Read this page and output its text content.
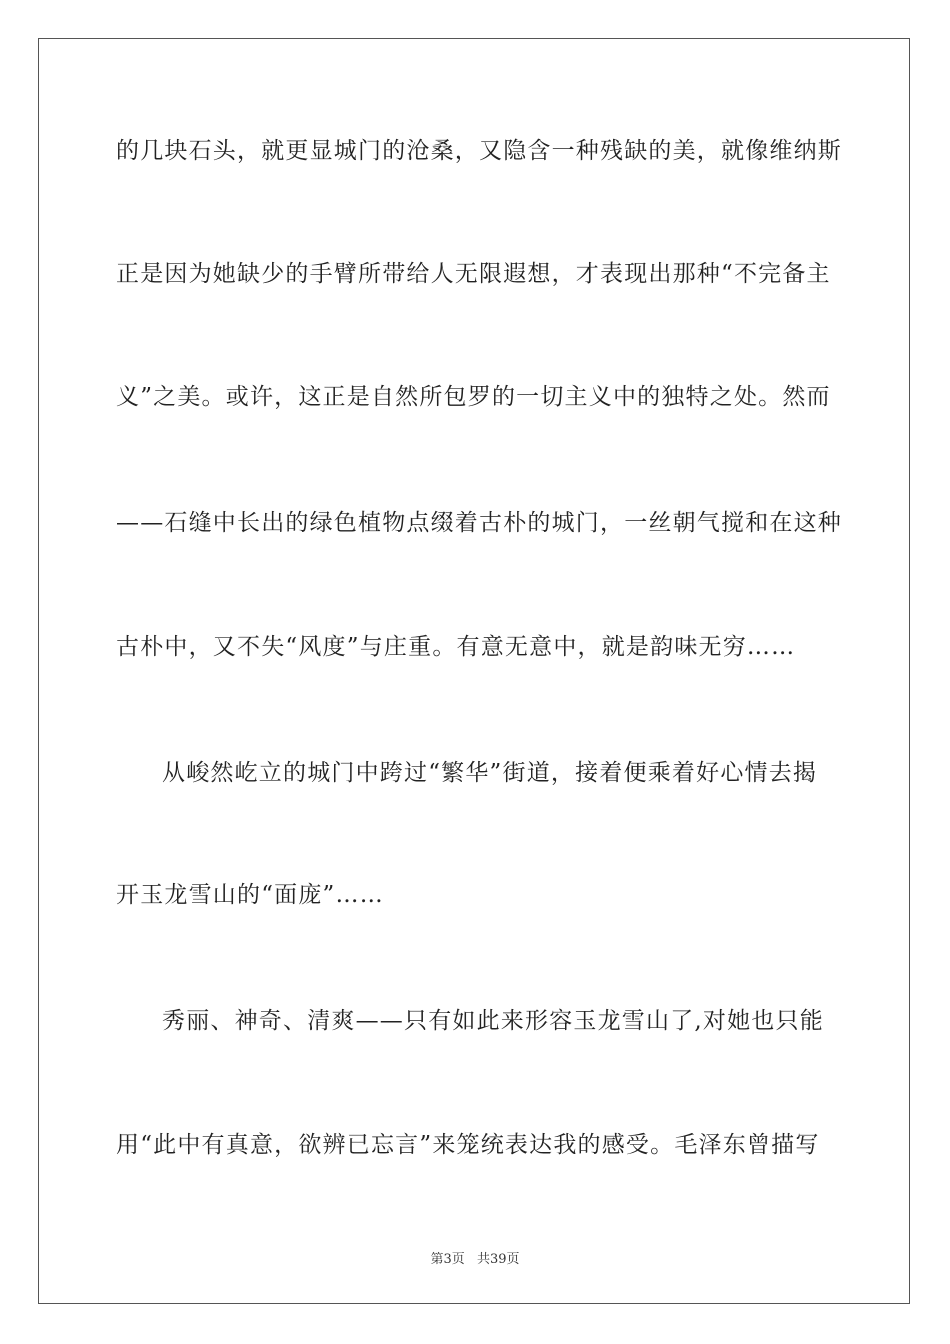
的几块石头，就更显城门的沧桑，又隐含一种残缺的美，就像维纳斯
正是因为她缺少的手臂所带给人无限遐想，才表现出那种“不完备主
义”之美。或许，这正是自然所包罗的一切主义中的独特之处。然而
——石缝中长出的绿色植物点缀着古朴的城门，一丝朝气搅和在这种
古朴中，又不失“风度”与庄重。有意无意中，就是韵味无穷……
从峻然屹立的城门中跨过“繁华”街道，接着便乘着好心情去揭
开玉龙雪山的“面庞”……
秀丽、神奇、清爽——只有如此来形容玉龙雪山了,对她也只能
用“此中有真意，欲辨已忘言”来笼统表达我的感受。毛泽东曾描写
第3页 共39页
